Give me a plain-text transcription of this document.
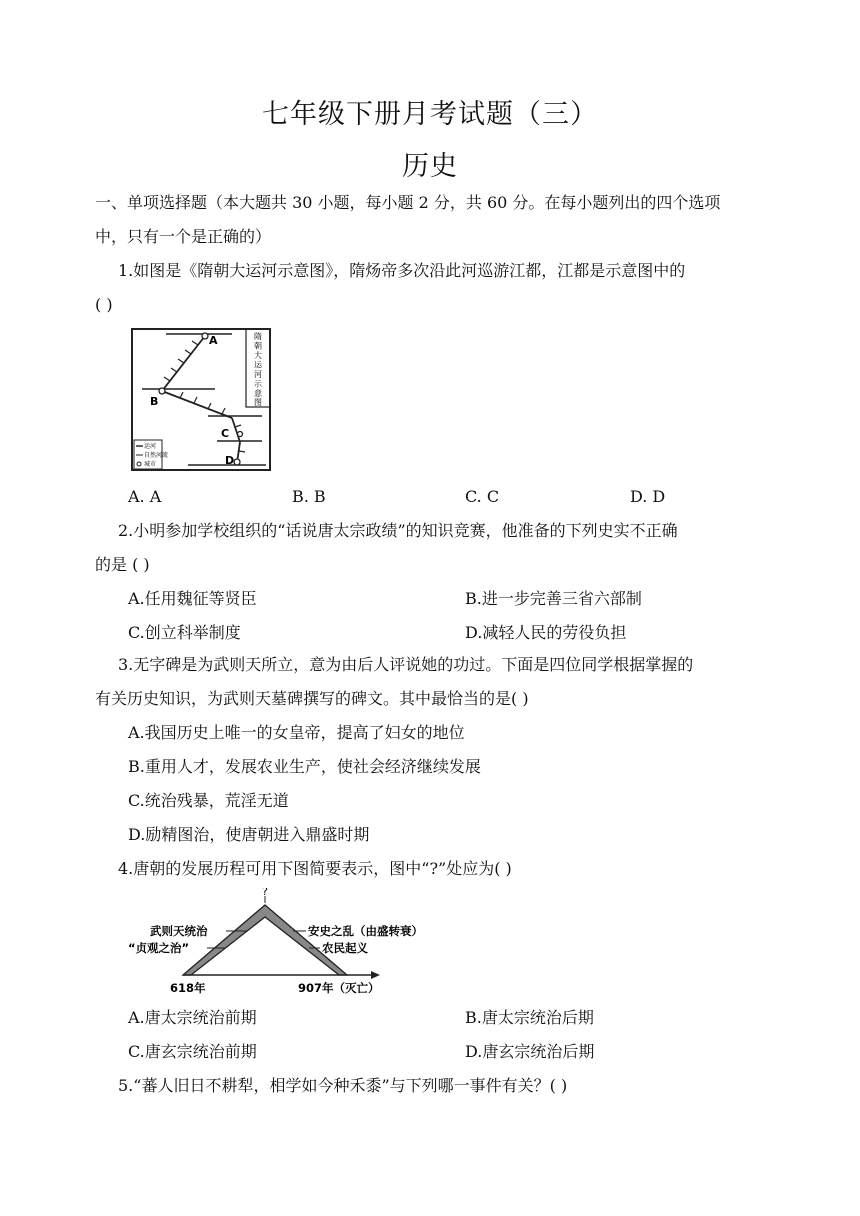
七年级下册月考试题（三）
历史
一、单项选择题（本大题共 30 小题，每小题 2 分，共 60 分。在每小题列出的四个选项
中，只有一个是正确的）
1.如图是《隋朝大运河示意图》，隋炀帝多次沿此河巡游江都，江都是示意图中的
( )
隋
朝
大
运
河
示
意
图
A
B
C
D
运河
自然河流
城市
A. A	B. B	C. C	D. D
2.小明参加学校组织的“话说唐太宗政绩”的知识竞赛，他准备的下列史实不正确
的是 ( )
A.任用魏征等贤臣	B.进一步完善三省六部制
C.创立科举制度	D.减轻人民的劳役负担
3.无字碑是为武则天所立，意为由后人评说她的功过。下面是四位同学根据掌握的
有关历史知识，为武则天墓碑撰写的碑文。其中最恰当的是( )
A.我国历史上唯一的女皇帝，提高了妇女的地位
B.重用人才，发展农业生产，使社会经济继续发展
C.统治残暴，荒淫无道
D.励精图治，使唐朝进入鼎盛时期
4.唐朝的发展历程可用下图简要表示，图中“?”处应为( )
?
武则天统治
“贞观之治”
安史之乱（由盛转衰）
农民起义
618年	907年（灭亡）
A.唐太宗统治前期	B.唐太宗统治后期
C.唐玄宗统治前期	D.唐玄宗统治后期
5.“蕃人旧日不耕犁，相学如今种禾黍”与下列哪一事件有关？( )
